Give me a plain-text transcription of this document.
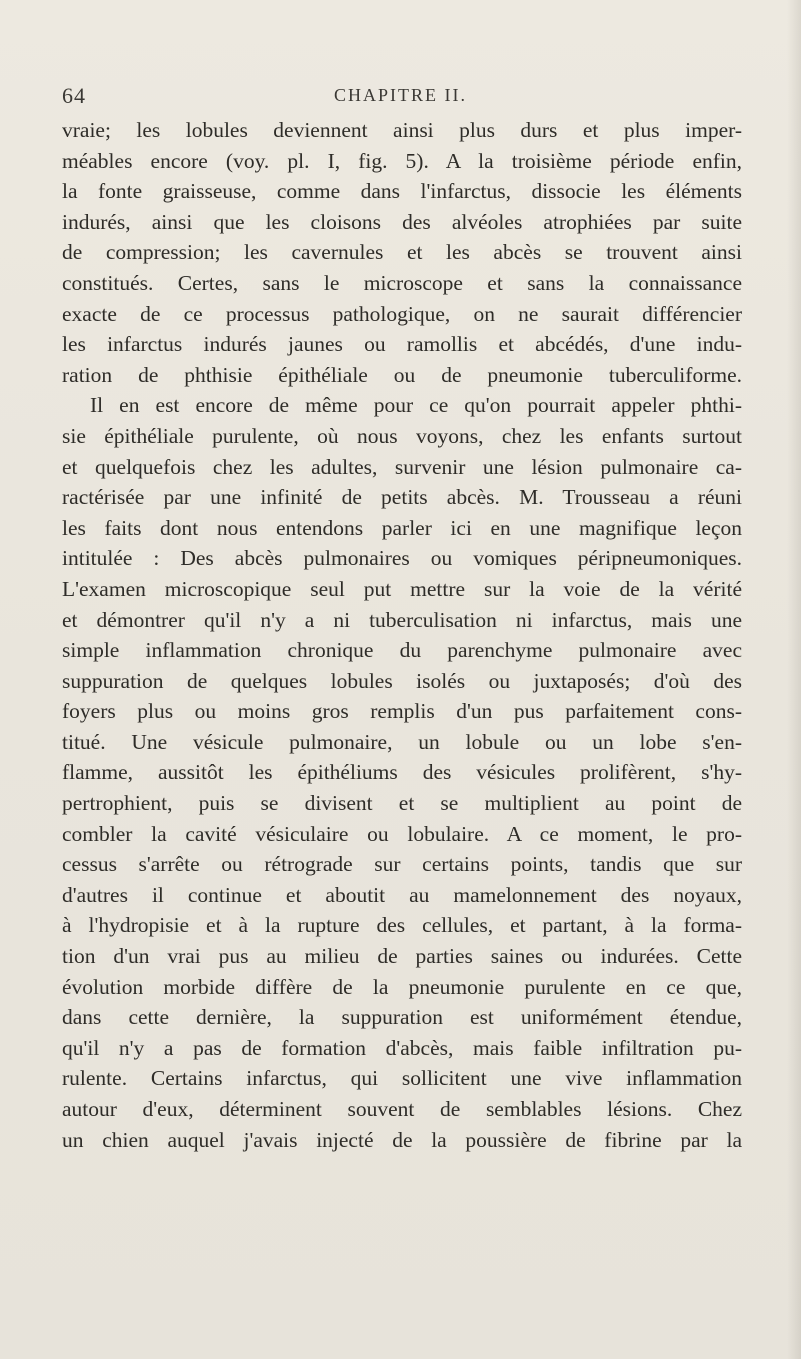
64	CHAPITRE II.
vraie; les lobules deviennent ainsi plus durs et plus imper-
méables encore (voy. pl. I, fig. 5). A la troisième période enfin,
la fonte graisseuse, comme dans l'infarctus, dissocie les éléments
indurés, ainsi que les cloisons des alvéoles atrophiées par suite
de compression; les cavernules et les abcès se trouvent ainsi
constitués. Certes, sans le microscope et sans la connaissance
exacte de ce processus pathologique, on ne saurait différencier
les infarctus indurés jaunes ou ramollis et abcédés, d'une indu-
ration de phthisie épithéliale ou de pneumonie tuberculiforme.
Il en est encore de même pour ce qu'on pourrait appeler phthi-
sie épithéliale purulente, où nous voyons, chez les enfants surtout
et quelquefois chez les adultes, survenir une lésion pulmonaire ca-
ractérisée par une infinité de petits abcès. M. Trousseau a réuni
les faits dont nous entendons parler ici en une magnifique leçon
intitulée : Des abcès pulmonaires ou vomiques péripneumoniques.
L'examen microscopique seul put mettre sur la voie de la vérité
et démontrer qu'il n'y a ni tuberculisation ni infarctus, mais une
simple inflammation chronique du parenchyme pulmonaire avec
suppuration de quelques lobules isolés ou juxtaposés; d'où des
foyers plus ou moins gros remplis d'un pus parfaitement cons-
titué. Une vésicule pulmonaire, un lobule ou un lobe s'en-
flamme, aussitôt les épithéliums des vésicules prolifèrent, s'hy-
pertrophient, puis se divisent et se multiplient au point de
combler la cavité vésiculaire ou lobulaire. A ce moment, le pro-
cessus s'arrête ou rétrograde sur certains points, tandis que sur
d'autres il continue et aboutit au mamelonnement des noyaux,
à l'hydropisie et à la rupture des cellules, et partant, à la forma-
tion d'un vrai pus au milieu de parties saines ou indurées. Cette
évolution morbide diffère de la pneumonie purulente en ce que,
dans cette dernière, la suppuration est uniformément étendue,
qu'il n'y a pas de formation d'abcès, mais faible infiltration pu-
rulente. Certains infarctus, qui sollicitent une vive inflammation
autour d'eux, déterminent souvent de semblables lésions. Chez
un chien auquel j'avais injecté de la poussière de fibrine par la
